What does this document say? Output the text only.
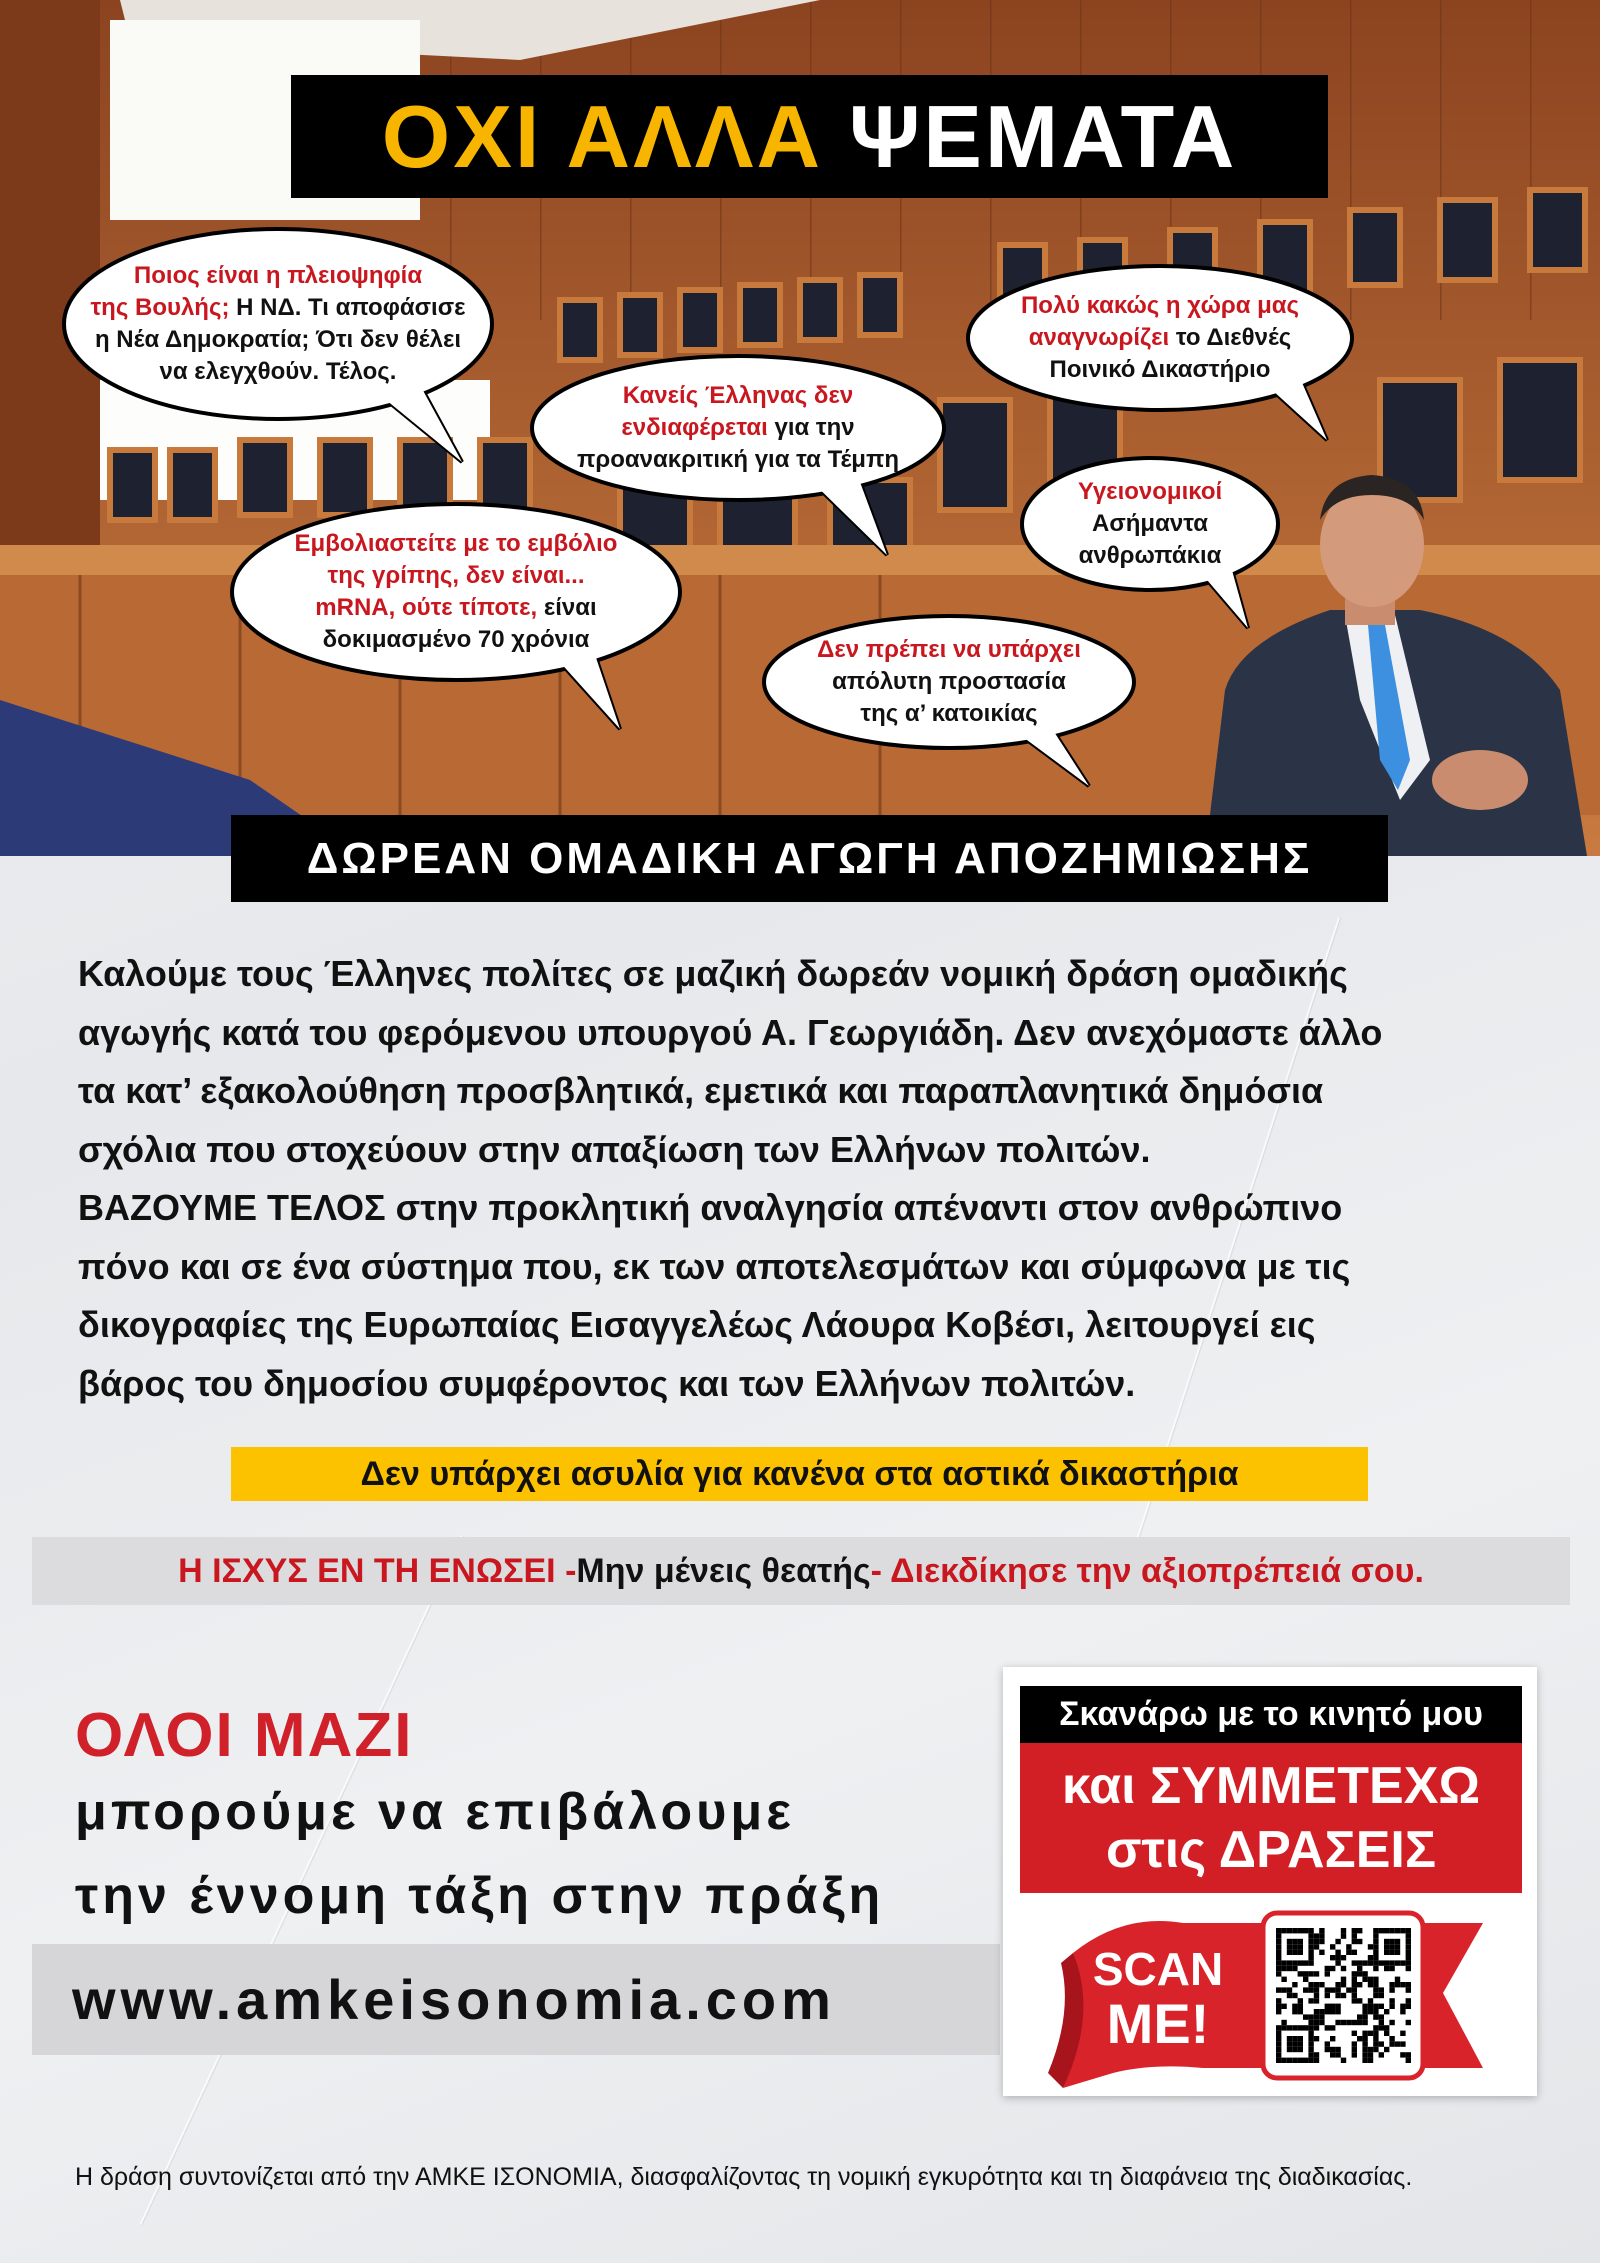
Ποιος είναι η πλειοψηφία
της Βουλής; Η ΝΔ. Τι αποφάσισε
η Νέα Δημοκρατία; Ότι δεν θέλει
να ελεγχθούν. Τέλος.
Κανείς Έλληνας δεν
ενδιαφέρεται για την
προανακριτική για τα Τέμπη
Πολύ κακώς η χώρα μας
αναγνωρίζει το Διεθνές
Ποινικό Δικαστήριο
Υγειονομικοί
Ασήμαντα
ανθρωπάκια
Εμβολιαστείτε με το εμβόλιο
της γρίπης, δεν είναι...
mRNA, ούτε τίποτε, είναι
δοκιμασμένο 70 χρόνια	Δεν πρέπει να υπάρχει
απόλυτη προστασία
της α’ κατοικίας
ΟΧΙ ΑΛΛΑ ΨΕΜΑΤΑ
ΔΩΡΕΑΝ ΟΜΑΔΙΚΗ ΑΓΩΓΗ ΑΠΟΖΗΜΙΩΣΗΣ
Καλούμε τους Έλληνες πολίτες σε μαζική δωρεάν νομική δράση ομαδικής
αγωγής κατά του φερόμενου υπουργού Α. Γεωργιάδη. Δεν ανεχόμαστε άλλο
τα κατ’ εξακολούθηση προσβλητικά, εμετικά και παραπλανητικά δημόσια
σχόλια που στοχεύουν στην απαξίωση των Ελλήνων πολιτών.
ΒΑΖΟΥΜΕ ΤΕΛΟΣ στην προκλητική αναλγησία απέναντι στον ανθρώπινο
πόνο και σε ένα σύστημα που, εκ των αποτελεσμάτων και σύμφωνα με τις
δικογραφίες της Ευρωπαίας Εισαγγελέως Λάουρα Κοβέσι, λειτουργεί εις
βάρος του δημοσίου συμφέροντος και των Ελλήνων πολιτών.
Δεν υπάρχει ασυλία για κανένα στα αστικά δικαστήρια
Η ΙΣΧΥΣ ΕΝ ΤΗ ΕΝΩΣΕΙ - Μην μένεις θεατής - Διεκδίκησε την αξιοπρέπειά σου.
ΟΛΟΙ ΜΑΖΙ
μπορούμε να επιβάλουμε
την έννομη τάξη στην πράξη
www.amkeisonomia.com
Σκανάρω με το κινητό μου
και ΣΥΜΜΕΤΕΧΩ
στις ΔΡΑΣΕΙΣ
SCAN
ME!
Η δράση συντονίζεται από την ΑΜΚΕ ΙΣΟΝΟΜΙΑ, διασφαλίζοντας τη νομική εγκυρότητα και τη διαφάνεια της διαδικασίας.
